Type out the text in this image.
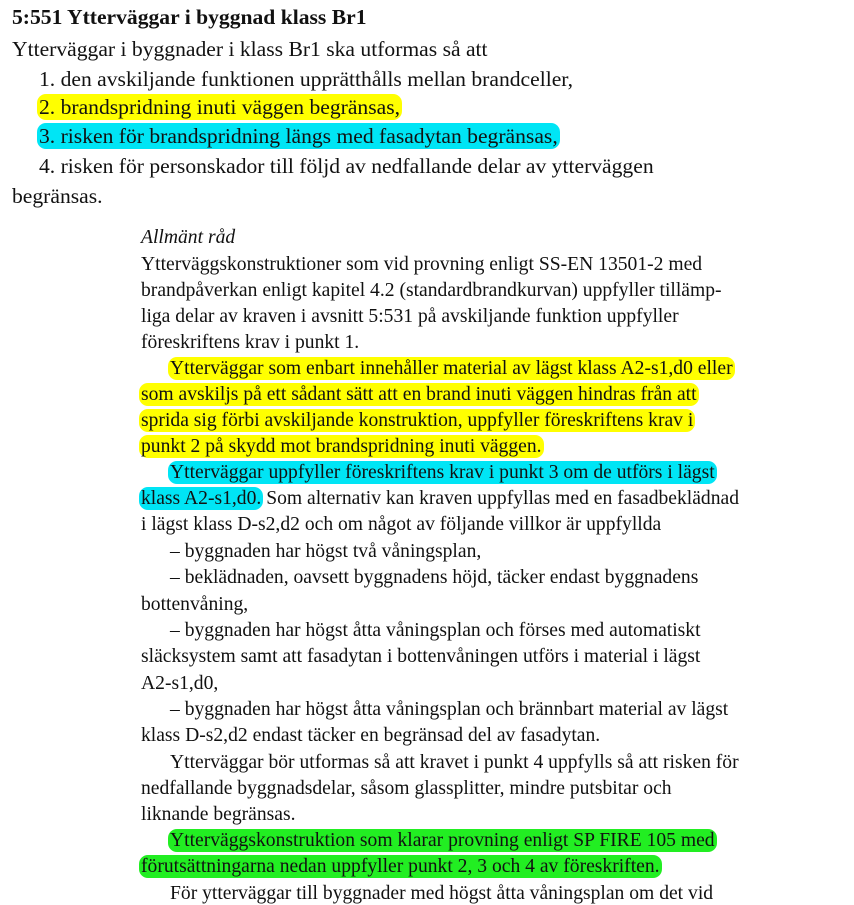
5:551 Ytterväggar i byggnad klass Br1
Ytterväggar i byggnader i klass Br1 ska utformas så att
1. den avskiljande funktionen upprätthålls mellan brandceller,
2. brandspridning inuti väggen begränsas,
3. risken för brandspridning längs med fasadytan begränsas,
4. risken för personskador till följd av nedfallande delar av ytterväggen
begränsas.
Allmänt råd
Ytterväggskonstruktioner som vid provning enligt SS-EN 13501-2 med
brandpåverkan enligt kapitel 4.2 (standardbrandkurvan) uppfyller tillämp-
liga delar av kraven i avsnitt 5:531 på avskiljande funktion uppfyller
föreskriftens krav i punkt 1.
Ytterväggar som enbart innehåller material av lägst klass A2-s1,d0 eller
som avskiljs på ett sådant sätt att en brand inuti väggen hindras från att
sprida sig förbi avskiljande konstruktion, uppfyller föreskriftens krav i
punkt 2 på skydd mot brandspridning inuti väggen.
Ytterväggar uppfyller föreskriftens krav i punkt 3 om de utförs i lägst
klass A2-s1,d0. Som alternativ kan kraven uppfyllas med en fasadbeklädnad
i lägst klass D-s2,d2 och om något av följande villkor är uppfyllda
– byggnaden har högst två våningsplan,
– beklädnaden, oavsett byggnadens höjd, täcker endast byggnadens
bottenvåning,
– byggnaden har högst åtta våningsplan och förses med automatiskt
släcksystem samt att fasadytan i bottenvåningen utförs i material i lägst
A2-s1,d0,
– byggnaden har högst åtta våningsplan och brännbart material av lägst
klass D-s2,d2 endast täcker en begränsad del av fasadytan.
Ytterväggar bör utformas så att kravet i punkt 4 uppfylls så att risken för
nedfallande byggnadsdelar, såsom glassplitter, mindre putsbitar och
liknande begränsas.
Ytterväggskonstruktion som klarar provning enligt SP FIRE 105 med
förutsättningarna nedan uppfyller punkt 2, 3 och 4 av föreskriften.
För ytterväggar till byggnader med högst åtta våningsplan om det vid
